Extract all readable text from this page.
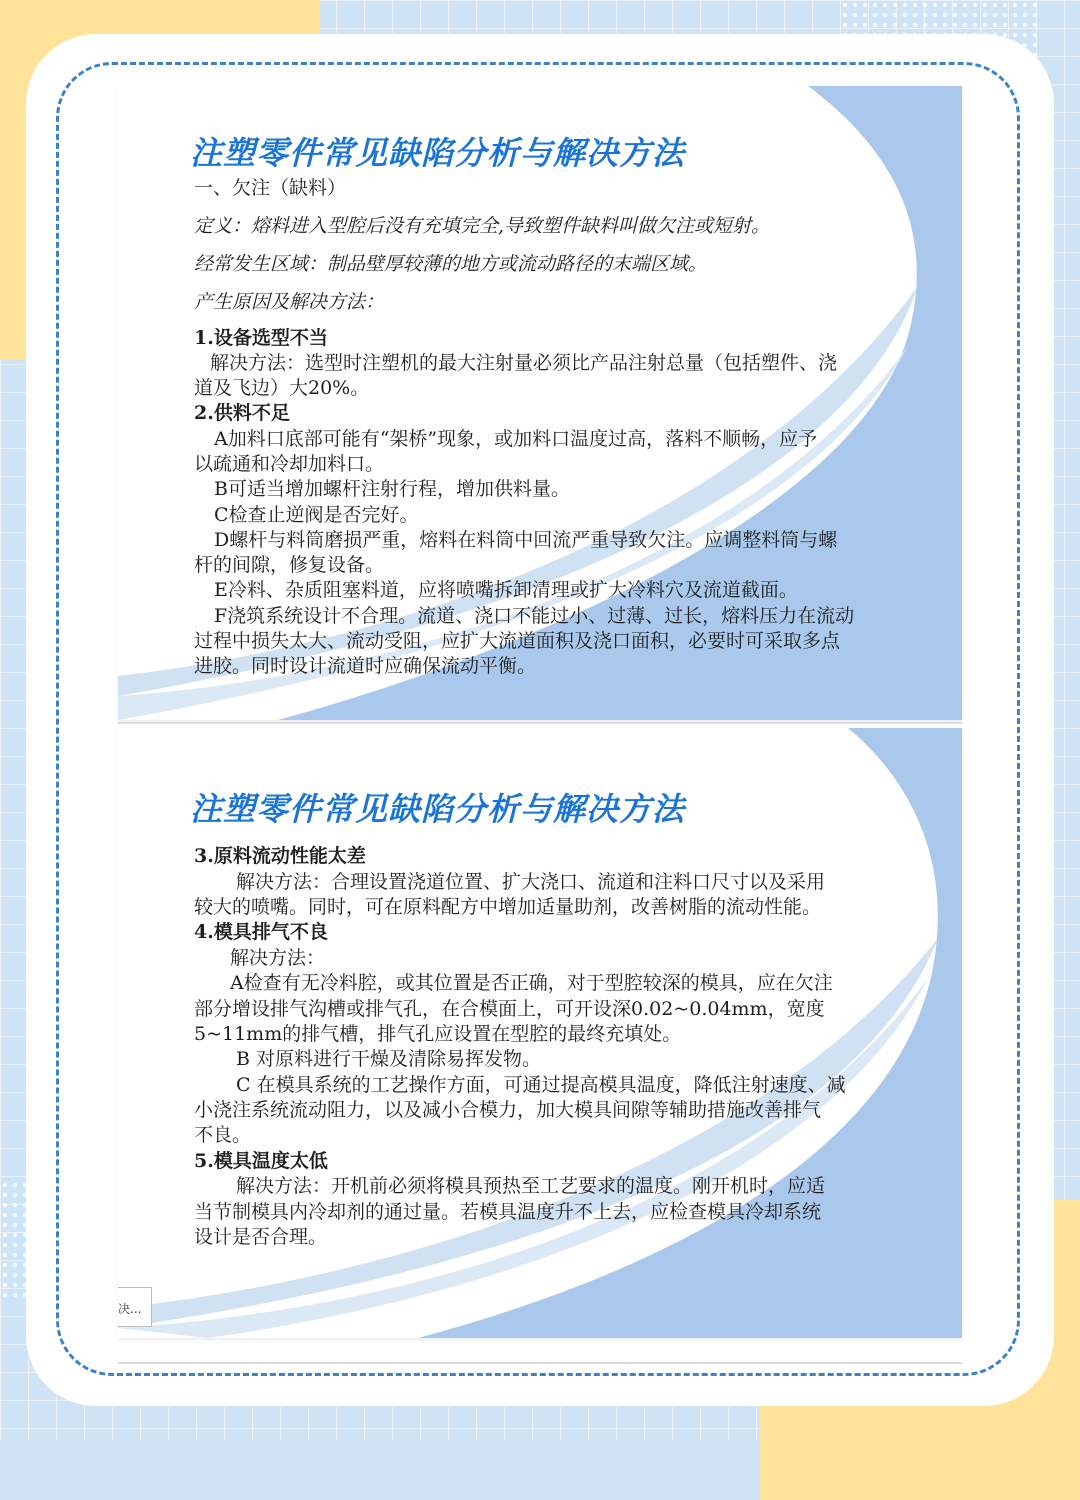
注塑零件常见缺陷分析与解决方法
一、欠注（缺料）
定义：熔料进入型腔后没有充填完全,导致塑件缺料叫做欠注或短射。
经常发生区域：制品壁厚较薄的地方或流动路径的末端区域。
产生原因及解决方法：
1.设备选型不当
解决方法：选型时注塑机的最大注射量必须比产品注射总量（包括塑件、浇
道及飞边）大20%。
2.供料不足
A加料口底部可能有“架桥”现象，或加料口温度过高，落料不顺畅，应予
以疏通和冷却加料口。
B可适当增加螺杆注射行程，增加供料量。
C检查止逆阀是否完好。
D螺杆与料筒磨损严重，熔料在料筒中回流严重导致欠注。应调整料筒与螺
杆的间隙，修复设备。
E冷料、杂质阻塞料道，应将喷嘴拆卸清理或扩大冷料穴及流道截面。
F浇筑系统设计不合理。流道、浇口不能过小、过薄、过长，熔料压力在流动
过程中损失太大、流动受阻，应扩大流道面积及浇口面积，必要时可采取多点
进胶。同时设计流道时应确保流动平衡。
注塑零件常见缺陷分析与解决方法
3.原料流动性能太差
解决方法：合理设置浇道位置、扩大浇口、流道和注料口尺寸以及采用
较大的喷嘴。同时，可在原料配方中增加适量助剂，改善树脂的流动性能。
4.模具排气不良
解决方法：
A检查有无冷料腔，或其位置是否正确，对于型腔较深的模具，应在欠注
部分增设排气沟槽或排气孔，在合模面上，可开设深0.02~0.04mm，宽度
5~11mm的排气槽，排气孔应设置在型腔的最终充填处。
B 对原料进行干燥及清除易挥发物。
C 在模具系统的工艺操作方面，可通过提高模具温度，降低注射速度、减
小浇注系统流动阻力，以及减小合模力，加大模具间隙等辅助措施改善排气
不良。
5.模具温度太低
解决方法：开机前必须将模具预热至工艺要求的温度。刚开机时，应适
当节制模具内冷却剂的通过量。若模具温度升不上去，应检查模具冷却系统
设计是否合理。
决...
